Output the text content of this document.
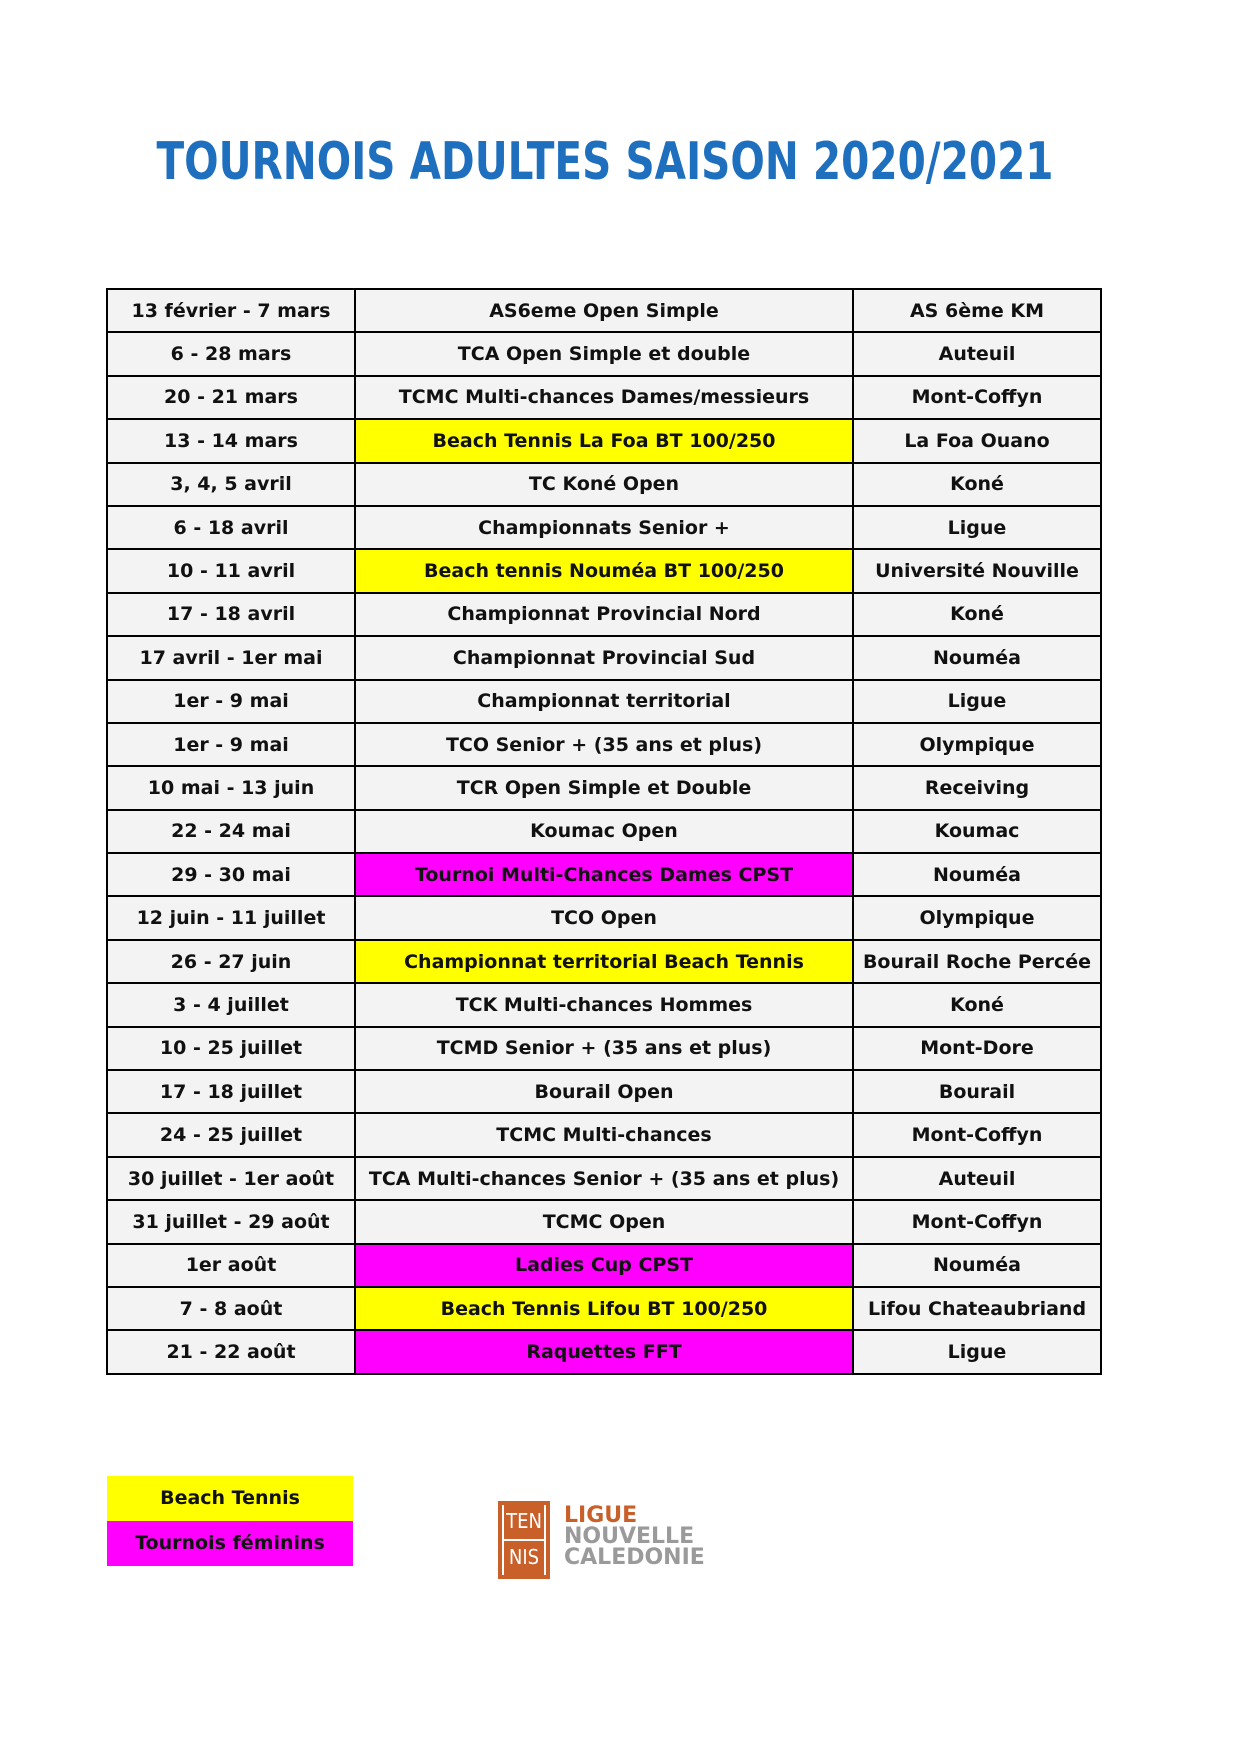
TOURNOIS ADULTES SAISON 2020/2021
13 février - 7 mars	AS6eme Open Simple	AS 6ème KM
6 - 28 mars	TCA Open Simple et double	Auteuil
20 - 21 mars	TCMC Multi-chances Dames/messieurs	Mont-Coffyn
13 - 14 mars	Beach Tennis La Foa BT 100/250	La Foa Ouano
3, 4, 5 avril	TC Koné Open	Koné
6 - 18 avril	Championnats Senior +	Ligue
10 - 11 avril	Beach tennis Nouméa BT 100/250	Université Nouville
17 - 18 avril	Championnat Provincial Nord	Koné
17 avril - 1er mai	Championnat Provincial Sud	Nouméa
1er - 9 mai	Championnat territorial	Ligue
1er - 9 mai	TCO Senior + (35 ans et plus)	Olympique
10 mai - 13 juin	TCR Open Simple et Double	Receiving
22 - 24 mai	Koumac Open	Koumac
29 - 30 mai	Tournoi Multi-Chances Dames CPST	Nouméa
12 juin - 11 juillet	TCO Open	Olympique
26 - 27 juin	Championnat territorial Beach Tennis	Bourail Roche Percée
3 - 4 juillet	TCK Multi-chances Hommes	Koné
10 - 25 juillet	TCMD Senior + (35 ans et plus)	Mont-Dore
17 - 18 juillet	Bourail Open	Bourail
24 - 25 juillet	TCMC Multi-chances	Mont-Coffyn
30 juillet - 1er août	TCA Multi-chances Senior + (35 ans et plus)	Auteuil
31 juillet - 29 août	TCMC Open	Mont-Coffyn
1er août	Ladies Cup CPST	Nouméa
7 - 8 août	Beach Tennis Lifou BT 100/250	Lifou Chateaubriand
21 - 22 août	Raquettes FFT	Ligue
Beach Tennis
Tournois féminins
TEN
NIS
LIGUE
NOUVELLE
CALEDONIE
